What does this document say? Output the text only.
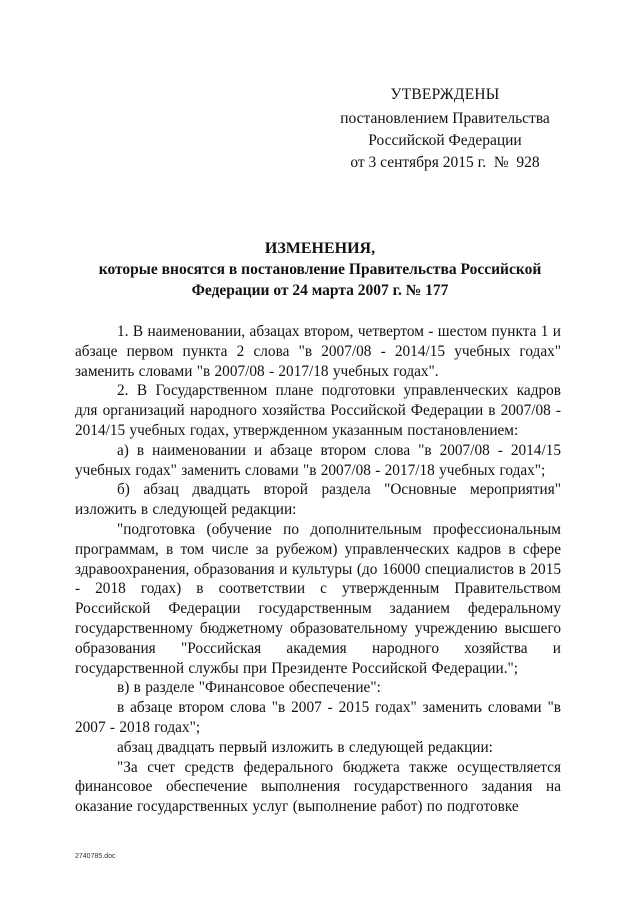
УТВЕРЖДЕНЫ
постановлением Правительства
Российской Федерации
от 3 сентября 2015 г.  №  928
ИЗМЕНЕНИЯ,
которые вносятся в постановление Правительства Российской
Федерации от 24 марта 2007 г. № 177

1. В наименовании, абзацах втором, четвертом - шестом пункта 1 и абзаце первом пункта 2 слова "в 2007/08 - 2014/15 учебных годах" заменить словами "в 2007/08 - 2017/18 учебных годах".

2. В Государственном плане подготовки управленческих кадров для организаций народного хозяйства Российской Федерации в 2007/08 - 2014/15 учебных годах, утвержденном указанным постановлением:

а) в наименовании и абзаце втором слова "в 2007/08 - 2014/15 учебных годах" заменить словами "в 2007/08 - 2017/18 учебных годах";

б) абзац двадцать второй раздела "Основные мероприятия" изложить в следующей редакции:

"подготовка (обучение по дополнительным профессиональным программам, в том числе за рубежом) управленческих кадров в сфере здравоохранения, образования и культуры (до 16000 специалистов в 2015 - 2018 годах) в соответствии с утвержденным Правительством Российской Федерации государственным заданием федеральному государственному бюджетному образовательному учреждению высшего образования "Российская академия народного хозяйства и государственной службы при Президенте Российской Федерации.";

в) в разделе "Финансовое обеспечение":

в абзаце втором слова "в 2007 - 2015 годах" заменить словами "в 2007 - 2018 годах";

абзац двадцать первый изложить в следующей редакции:

"За счет средств федерального бюджета также осуществляется финансовое обеспечение выполнения государственного задания на оказание государственных услуг (выполнение работ) по подготовке

2740785.doc
